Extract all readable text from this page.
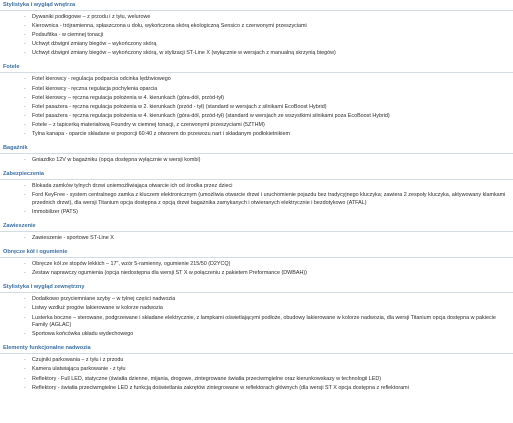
Stylistyka i wygląd wnętrza
- Dywaniki podłogowe – z przodu i z tyłu, welurowe
- Kierownica - trójramienna, spłaszczona u dołu, wykończona skórą ekologiczną Sensico z czerwonymi przeszyciami
- Podsufitka - w ciemnej tonacji
- Uchwyt dźwigni zmiany biegów – wykończony skórą
- Uchwyt dźwigni zmiany biegów – wykończony skórą, w stylizacji ST-Line X (wyłącznie w wersjach z manualną skrzynią biegów)
Fotele
- Fotel kierowcy - regulacja podparcia odcinka lędźwiowego
- Fotel kierowcy - ręczna regulacja pochylenia oparcia
- Fotel kierowcy – ręczna regulacja położenia w 4. kierunkach (góra-dół, przód-tył)
- Fotel pasażera - ręczna regulacja położenia w 2. kierunkach (przód - tył) (standard w wersjach z silnikami EcoBoost Hybrid)
- Fotel pasażera - ręczna regulacja położenia w 4. kierunkach (góra-dół, przód-tył) (standard w wersjach ze wszystkimi silnikami poza EcoBoost Hybrid)
- Fotele – z tapicerką materiałową Foundry w ciemnej tonacji, z czerwonymi przeszyciami (5ZTHM)
- Tylna kanapa - oparcie składane w proporcji 60:40 z otworem do przewozu nart i składanym podłokietnikiem
Bagażnik
- Gniazdko 12V w bagażniku (opcja dostępna wyłącznie w wersji kombi)
Zabezpieczenia
- Blokada zamków tylnych drzwi uniemożliwiająca otwarcie ich od środka przez dzieci
- Ford KeyFree - system centralnego zamka z kluczem elektronicznym (umożliwia otwarcie drzwi i uruchomienie pojazdu bez tradycyjnego kluczyka; zawiera 2 zespoły kluczyka, aktywowany klamkami przednich drzwi), dla wersji Titanium opcja dostępna z opcją drzwi bagażnika zamykanych i otwieranych elektrycznie i bezdotykowo (ATFAL)
- Immobilizer (PATS)
Zawieszenie
- Zawieszenie - sportowe ST-Line X
Obręcze kół i ogumienie
- Obręcze kół ze stopów lekkich – 17", wzór 5-ramienny, ogumienie 215/50 (D2YCQ)
- Zestaw naprawczy ogumienia (opcja niedostępna dla wersji ST X w połączeniu z pakietem Preformance (DWBAH))
Stylistyka i wygląd zewnętrzny
- Dodatkowo przyciemniane szyby – w tylnej części nadwozia
- Listwy wzdłuż progów lakierowane w kolorze nadwozia
- Lusterka boczne – sterowane, podgrzewane i składane elektrycznie, z lampkami oświetlającymi podłoże, obudowy lakierowane w kolorze nadwozia, dla wersji Titanium opcja dostępna w pakiecie Family (AGLAC)
- Sportowa końcówka układu wydechowego
Elementy funkcjonalne nadwozia
- Czujniki parkowania – z tyłu i z przodu
- Kamera ułatwiająca parkowanie - z tyłu
- Reflektory - Full LED, statyczne (światła dzienne, mijania, drogowe, zintegrowane światła przeciwmgielne oraz kierunkowskazy w technologii LED)
- Reflektory - światła przeciwmgielne LED z funkcją doświetlania zakrętów zintegrowane w reflektorach głównych (dla wersji ST X opcja dostępna z reflektorami
